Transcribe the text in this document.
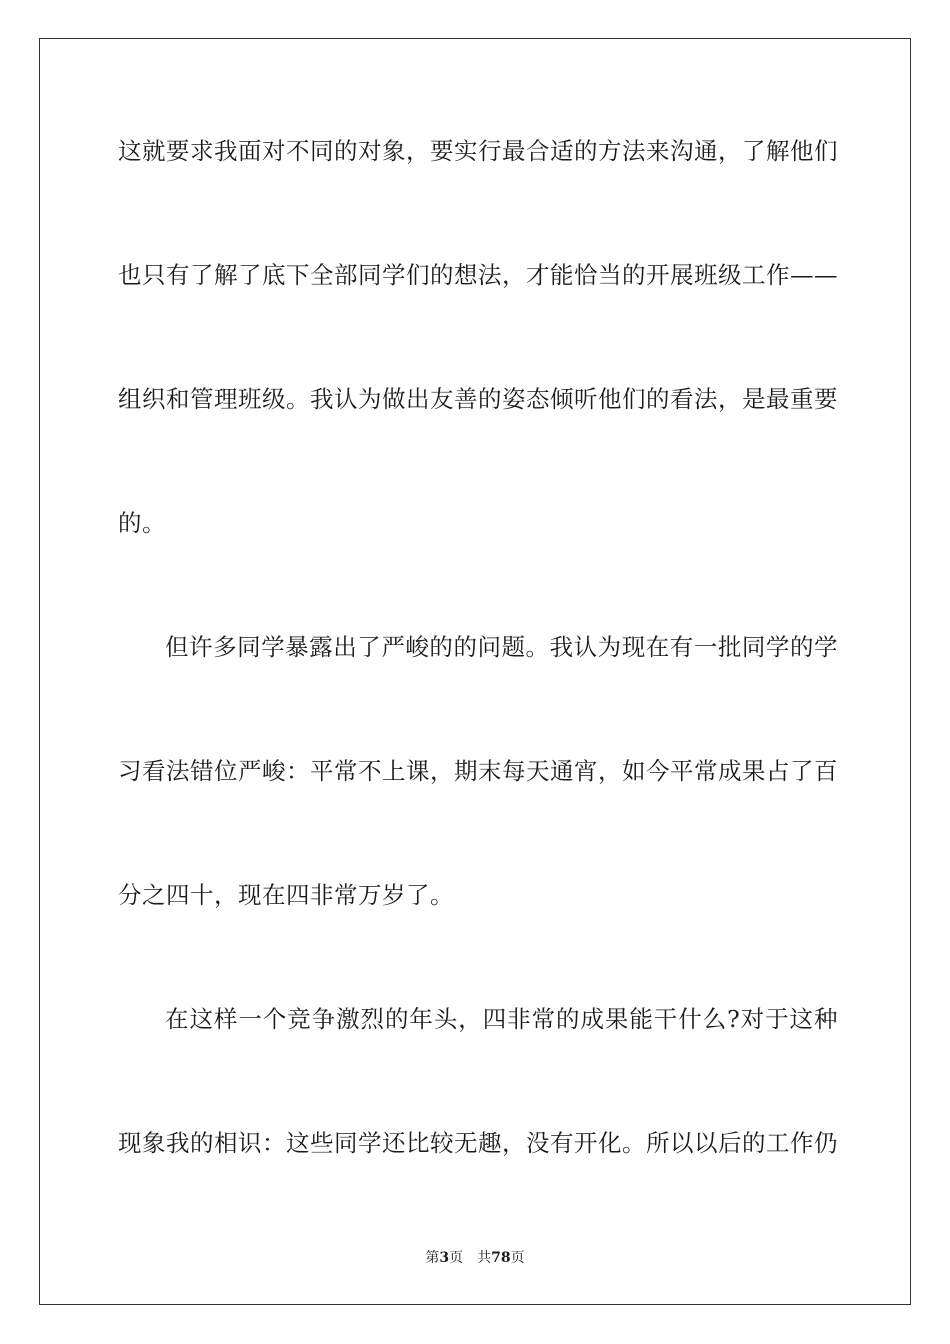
这就要求我面对不同的对象，要实行最合适的方法来沟通，了解他们
也只有了解了底下全部同学们的想法，才能恰当的开展班级工作——
组织和管理班级。我认为做出友善的姿态倾听他们的看法，是最重要
的。
但许多同学暴露出了严峻的的问题。我认为现在有一批同学的学
习看法错位严峻：平常不上课，期末每天通宵，如今平常成果占了百
分之四十，现在四非常万岁了。
在这样一个竞争激烈的年头，四非常的成果能干什么?对于这种
现象我的相识：这些同学还比较无趣，没有开化。所以以后的工作仍
第3页 共78页
